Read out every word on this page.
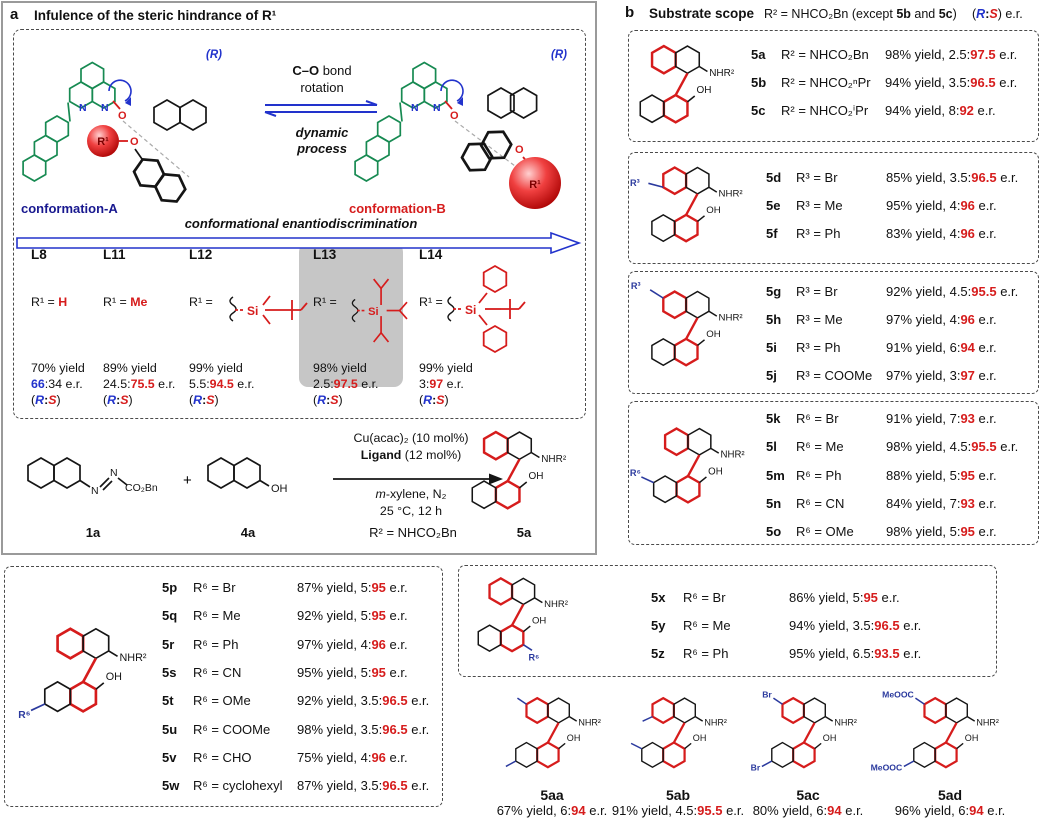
a Infulence of the steric hindrance of R¹
N N
O
R¹ O
(R)
N N
O
O
R¹
(R)
C–O bond
rotation
dynamic
process
conformation-A	conformation-B
conformational enantiodiscrimination
L8
R¹ = H
70% yield
66:34 e.r.
(R:S)
L11
R¹ = Me
89% yield
24.5:75.5 e.r.
(R:S)
L12
R¹ =
99% yield
5.5:94.5 e.r.
(R:S)
L13
R¹ =
98% yield
2.5:97.5 e.r.
(R:S)
L14
R¹ =
99% yield
3:97 e.r.
(R:S)
Si	Si	Si
N
N
CO₂Bn +	OH
Cu(acac)₂ (10 mol%)
Ligand (12 mol%)
m-xylene, N₂
25 °C, 12 h
NHR²
OH
1a	4a	R² = NHCO₂Bn	5a
b Substrate scope R² = NHCO₂Bn (except 5b and 5c) (R:S) e.r.
NHR²
OH
5a R² = NHCO₂Bn 98% yield, 2.5:97.5 e.r.
5b R² = NHCO₂ⁿPr 94% yield, 3.5:96.5 e.r.
5c R² = NHCO₂ⁱPr 94% yield, 8:92 e.r.
R³
NHR²
OH
5d R³ = Br	85% yield, 3.5:96.5 e.r.
5e R³ = Me	95% yield, 4:96 e.r.
5f R³ = Ph	83% yield, 4:96 e.r.
R³
NHR²
OH
5g R³ = Br	92% yield, 4.5:95.5 e.r.
5h R³ = Me	97% yield, 4:96 e.r.
5i R³ = Ph	91% yield, 6:94 e.r.
5j R³ = COOMe 97% yield, 3:97 e.r.
R⁶
NHR²
OH
5k R⁶ = Br	91% yield, 7:93 e.r.
5l R⁶ = Me	98% yield, 4.5:95.5 e.r.
5m R⁶ = Ph	88% yield, 5:95 e.r.
5n R⁶ = CN	84% yield, 7:93 e.r.
5o R⁶ = OMe 98% yield, 5:95 e.r.
R⁶
NHR²
OH
5p R⁶ = Br	87% yield, 5:95 e.r.
5q R⁶ = Me	92% yield, 5:95 e.r.
5r R⁶ = Ph	97% yield, 4:96 e.r.
5s R⁶ = CN	95% yield, 5:95 e.r.
5t R⁶ = OMe	92% yield, 3.5:96.5 e.r.
5u R⁶ = COOMe 98% yield, 3.5:96.5 e.r.
5v R⁶ = CHO	75% yield, 4:96 e.r.
5w R⁶ = cyclohexyl 87% yield, 3.5:96.5 e.r.
R⁶
NHR²
OH
5x R⁶ = Br	86% yield, 5:95 e.r.
5y R⁶ = Me	94% yield, 3.5:96.5 e.r.
5z R⁶ = Ph	95% yield, 6.5:93.5 e.r.
NHR²
OH
5aa
67% yield, 6:94 e.r.
NHR²
OH
5ab
91% yield, 4.5:95.5 e.r.
Br
Br
NHR²
OH
5ac
80% yield, 6:94 e.r.
MeOOC
MeOOC
NHR²
OH
5ad
96% yield, 6:94 e.r.
